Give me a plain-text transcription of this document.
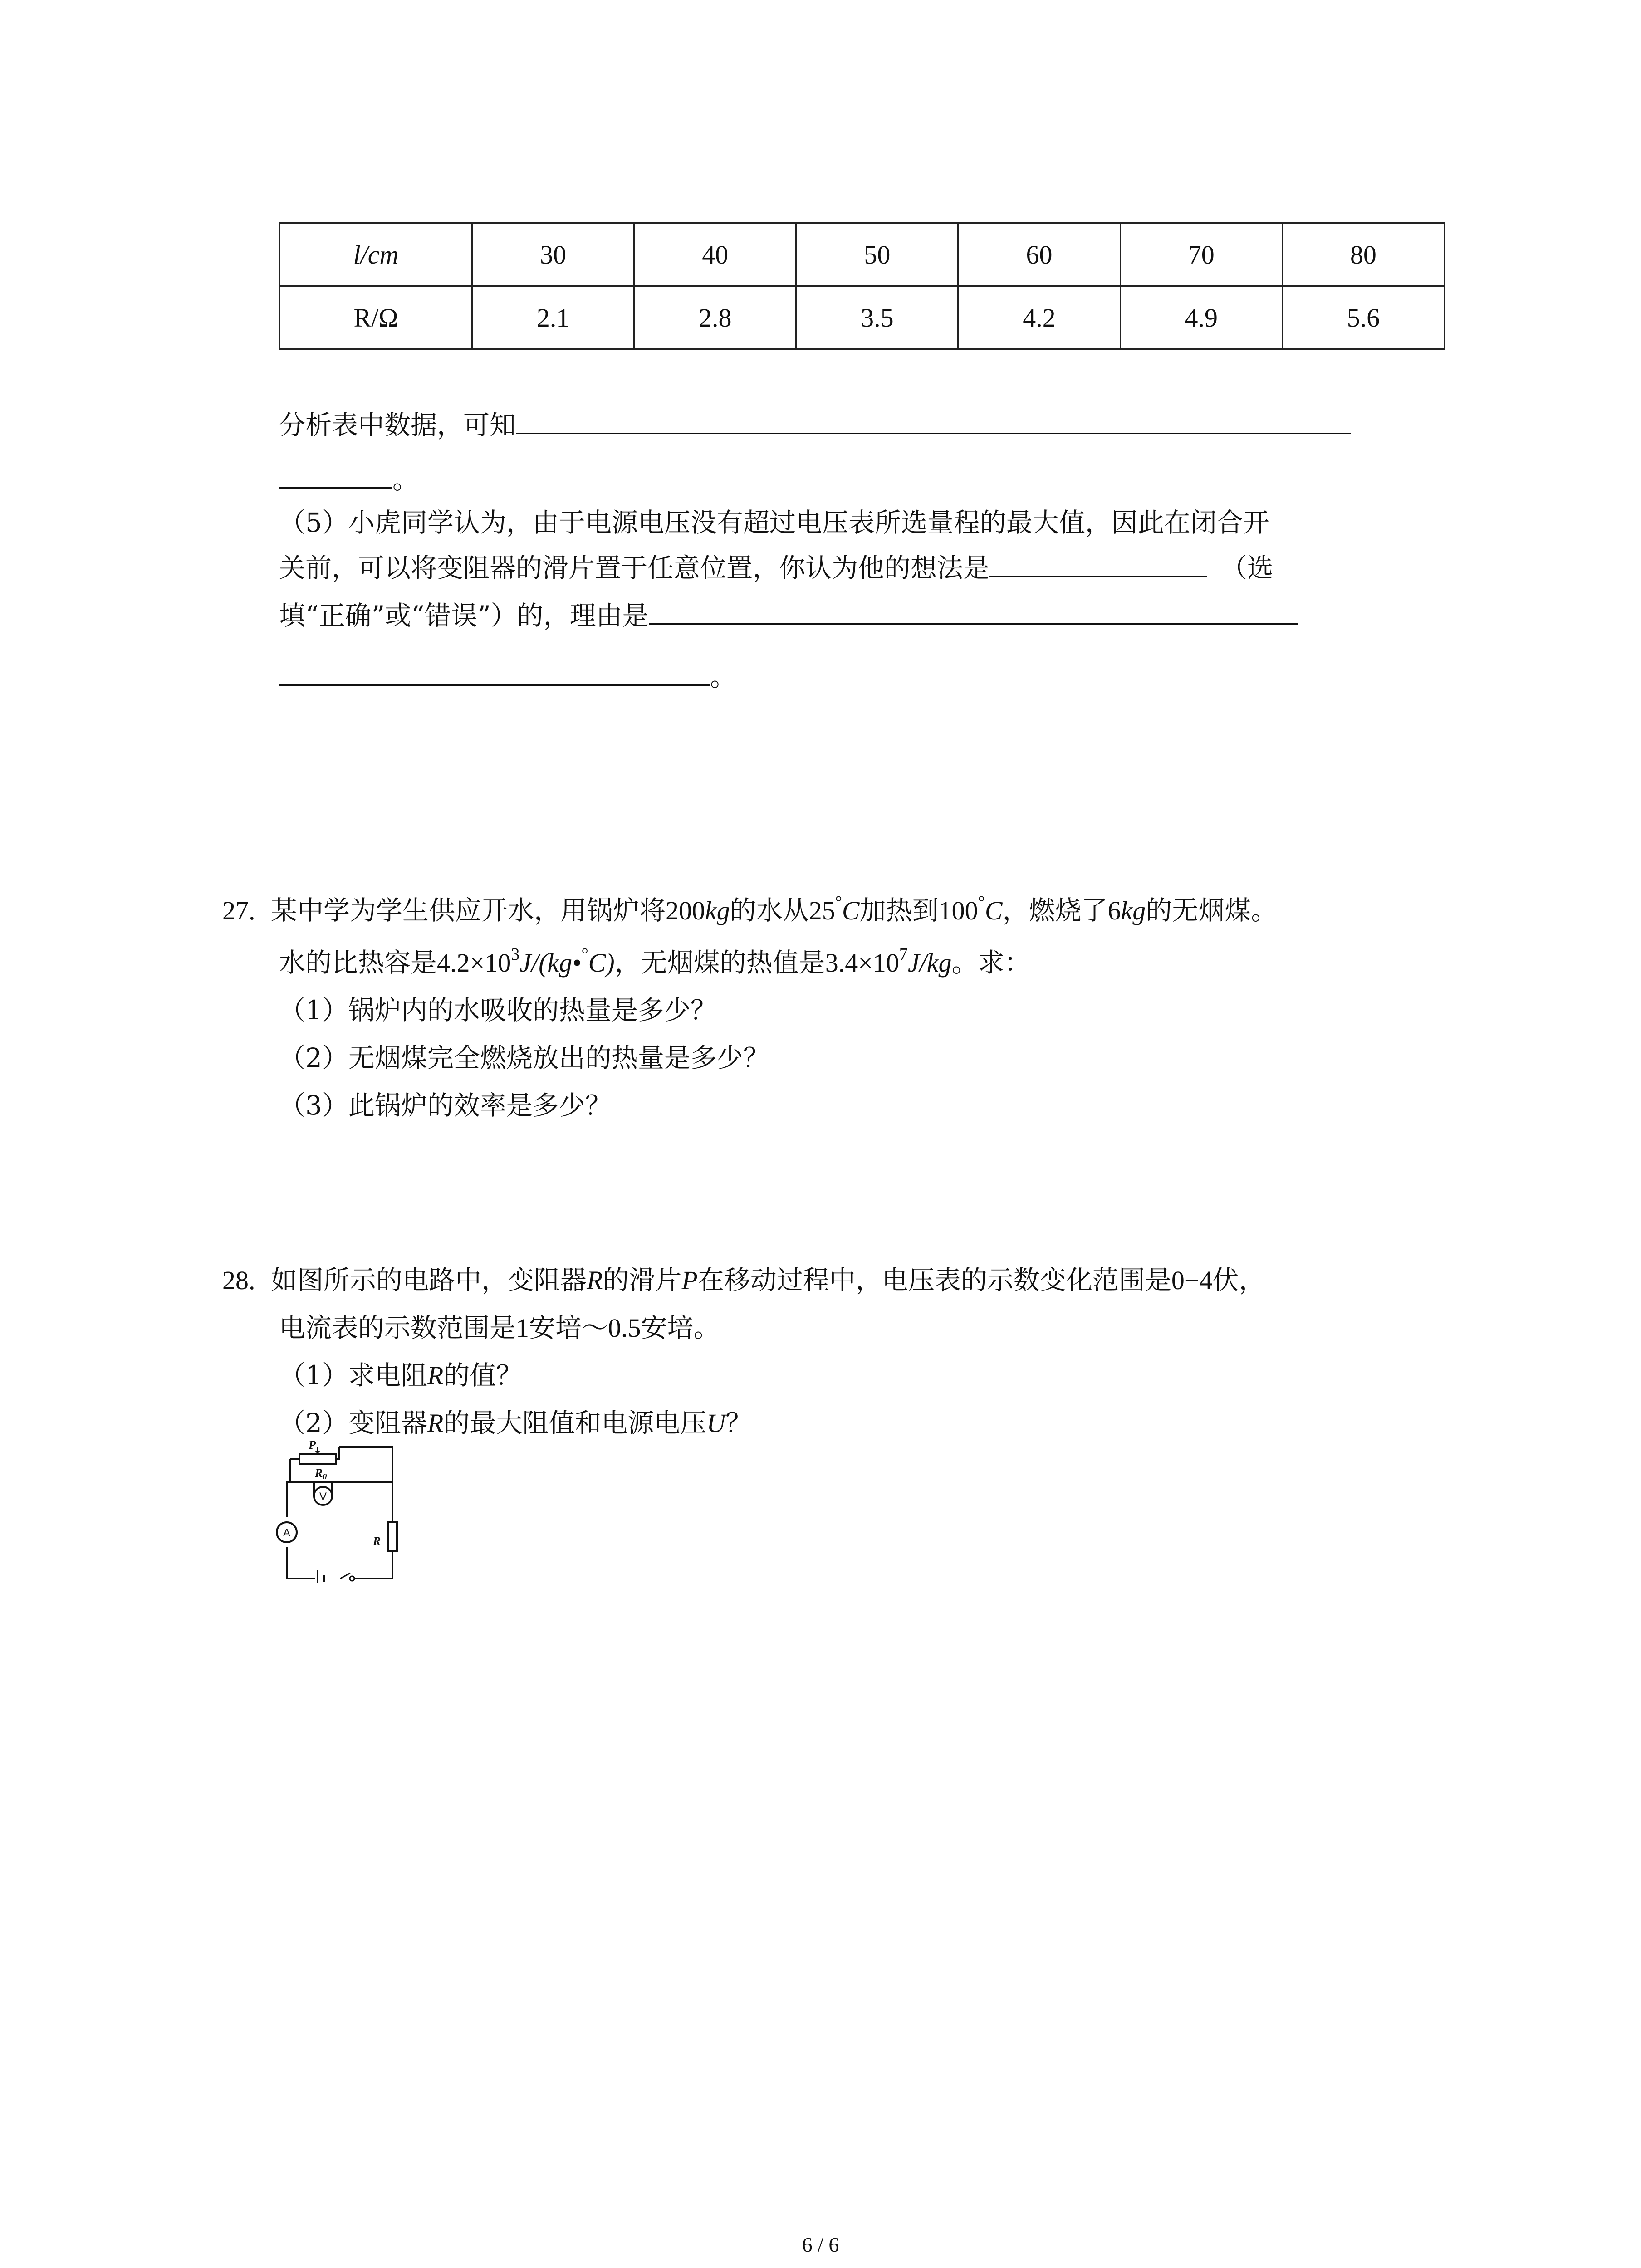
l/cm	30	40	50	60	70	80
R/Ω	2.1	2.8	3.5	4.2	4.9	5.6
分析表中数据，可知
。
（5）小虎同学认为，由于电源电压没有超过电压表所选量程的最大值，因此在闭合开
关前，可以将变阻器的滑片置于任意位置，你认为他的想法是	（选
填“正确”或“错误”）的，理由是
。
27. 某中学为学生供应开水，用锅炉将200kg的水从25°C加热到100°C，燃烧了6kg的无烟煤。
水的比热容是$4.2\times 10^3J/(kg•^\circ C)$，无烟煤的热值是$3.4\times 10^7J/kg$。求：
（1）锅炉内的水吸收的热量是多少？
（2）无烟煤完全燃烧放出的热量是多少？
（3）此锅炉的效率是多少？
28. 如图所示的电路中，变阻器R的滑片P在移动过程中，电压表的示数变化范围是0−4伏，
电流表的示数范围是1安培～0.5安培。
（1）求电阻R的值？
（2）变阻器R的最大阻值和电源电压U？
P
R0
V
A
R
6 / 6
